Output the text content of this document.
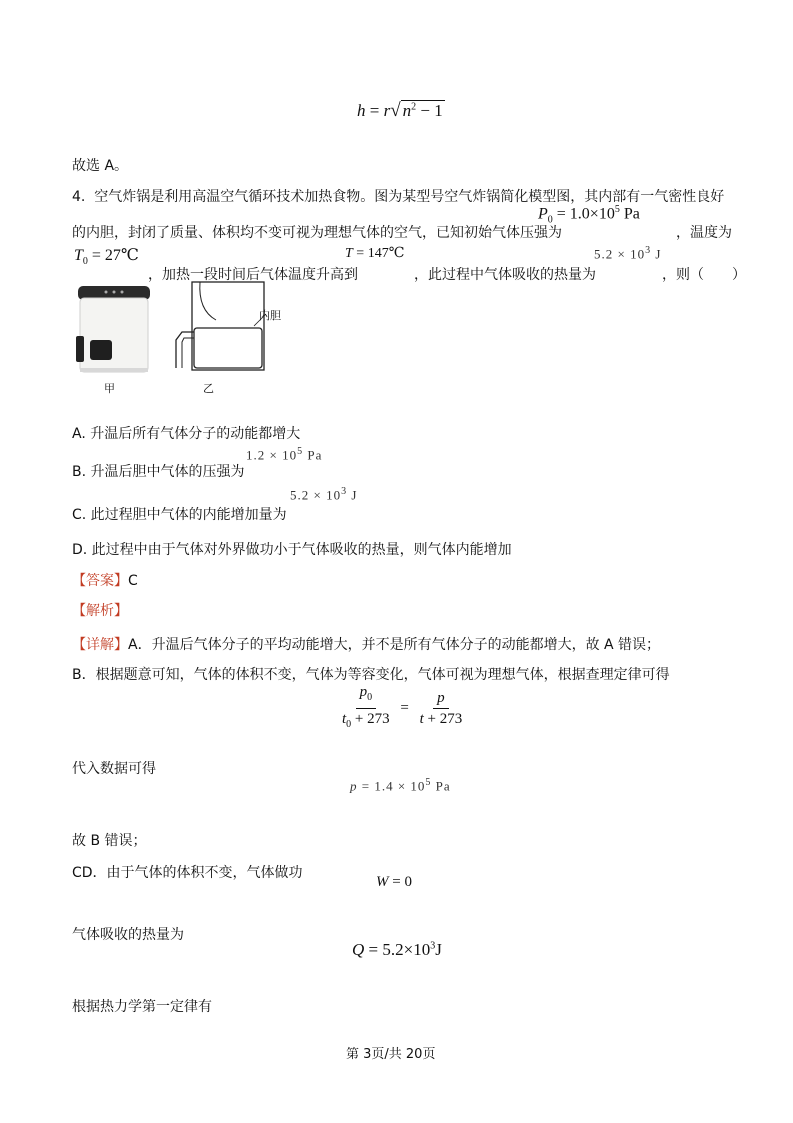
h = r√ $n^2 - 1$
故选 A。
4. 空气炸锅是利用高温空气循环技术加热食物。图为某型号空气炸锅简化模型图，其内部有一气密性良好
$P_0 = 1.0\times 10^5$ Pa
的内胆，封闭了质量、体积均不变可视为理想气体的空气，已知初始气体压强为	，温度为
$T_0$ = 27℃	T = 147℃	$5.2 \times 10^3$ J
，加热一段时间后气体温度升高到	，此过程中气体吸收的热量为	，则（　　）
内胆
甲	乙
A. 升温后所有气体分子的动能都增大
$1.2 \times 10^5$ Pa
B. 升温后胆中气体的压强为
$5.2 \times 10^3$ J
C. 此过程胆中气体的内能增加量为
D. 此过程中由于气体对外界做功小于气体吸收的热量，则气体内能增加
【答案】C
【解析】
【详解】A．升温后气体分子的平均动能增大，并不是所有气体分子的动能都增大，故 A 错误；
B．根据题意可知，气体的体积不变，气体为等容变化，气体可视为理想气体，根据查理定律可得
$\frac{p_0}{t_0 + 273} = \frac{p}{t + 273}$
代入数据可得
$p = 1.4 \times 10^5$ Pa
故 B 错误；
CD．由于气体的体积不变，气体做功
W = 0
气体吸收的热量为
$Q = 5.2\times 10^3J$
根据热力学第一定律有
第 3页/共 20页
